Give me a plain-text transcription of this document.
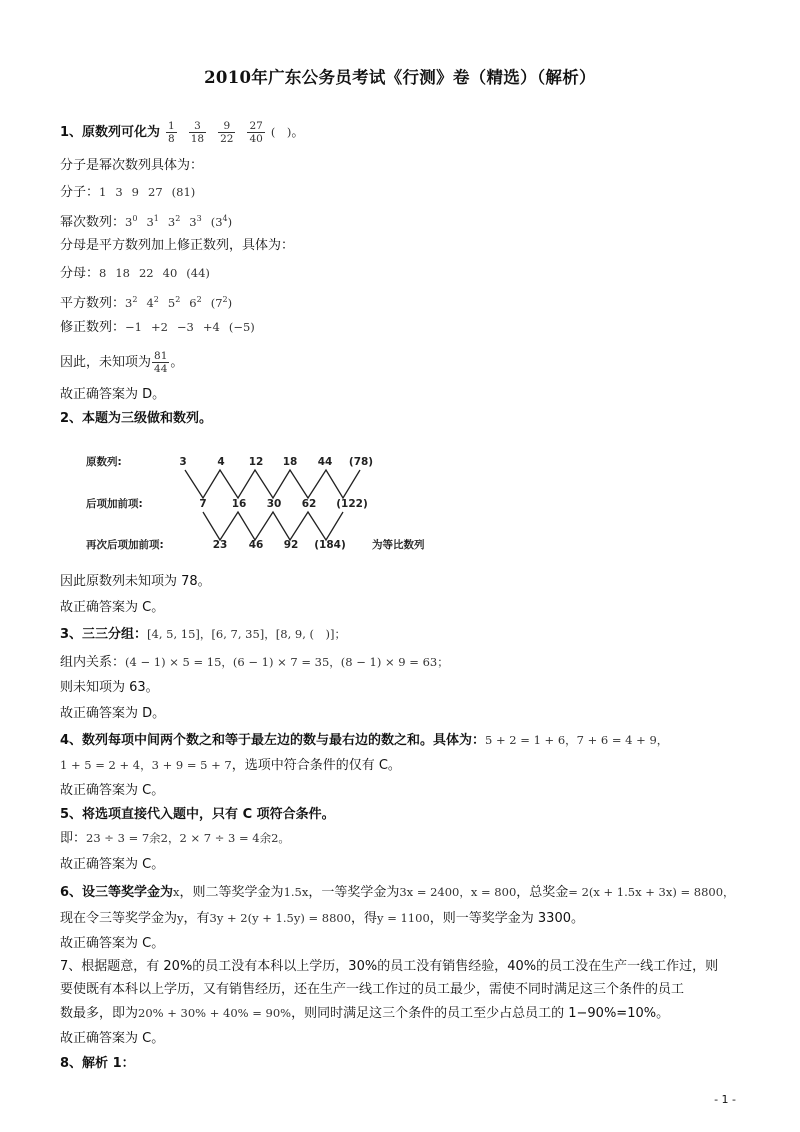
2010年广东公务员考试《行测》卷（精选）（解析）
1、原数列可化为 $\frac{1}{8} \frac{3}{18} \frac{9}{22} \frac{27}{40}$ (　)。
分子是幂次数列具体为：
分子：1 3 9 27 (81)
幂次数列：$3^0$ $3^1$ $3^2$ $3^3$ $(3^4)$
分母是平方数列加上修正数列，具体为：
分母：8 18 22 40 (44)
平方数列：$3^2$ $4^2$ $5^2$ $6^2$ $(7^2)$
修正数列：−1 +2 −3 +4 (−5)
因此，未知项为 $\frac{81}{44}$ 。
故正确答案为 D。
2、本题为三级做和数列。
原数列:
后项加前项:
再次后项加前项:
3	4 12 18 44 (78)
7 16 30 62 (122)
23 46 92 (184) 为等比数列
因此原数列未知项为 78。
故正确答案为 C。
3、三三分组：[4, 5, 15]，[6, 7, 35]，[8, 9, (　)]；
组内关系：(4 − 1) × 5 = 15，(6 − 1) × 7 = 35，(8 − 1) × 9 = 63；
则未知项为 63。
故正确答案为 D。
4、数列每项中间两个数之和等于最左边的数与最右边的数之和。具体为：5 + 2 = 1 + 6，7 + 6 = 4 + 9，
1 + 5 = 2 + 4，3 + 9 = 5 + 7，选项中符合条件的仅有 C。
故正确答案为 C。
5、将选项直接代入题中，只有 C 项符合条件。
即：23 ÷ 3 = 7余2，2 × 7 ÷ 3 = 4余2。
故正确答案为 C。
6、设三等奖学金为x，则二等奖学金为1.5x，一等奖学金为3x = 2400，x = 800，总奖金= 2(x + 1.5x + 3x) = 8800，
现在令三等奖学金为y，有3y + 2(y + 1.5y) = 8800，得y = 1100，则一等奖学金为 3300。
故正确答案为 C。
7、根据题意，有 20%的员工没有本科以上学历，30%的员工没有销售经验，40%的员工没在生产一线工作过，则
要使既有本科以上学历，又有销售经历，还在生产一线工作过的员工最少，需使不同时满足这三个条件的员工
数最多，即为20% + 30% + 40% = 90%，则同时满足这三个条件的员工至少占总员工的 1−90%=10%。
故正确答案为 C。
8、解析 1：
- 1 -
